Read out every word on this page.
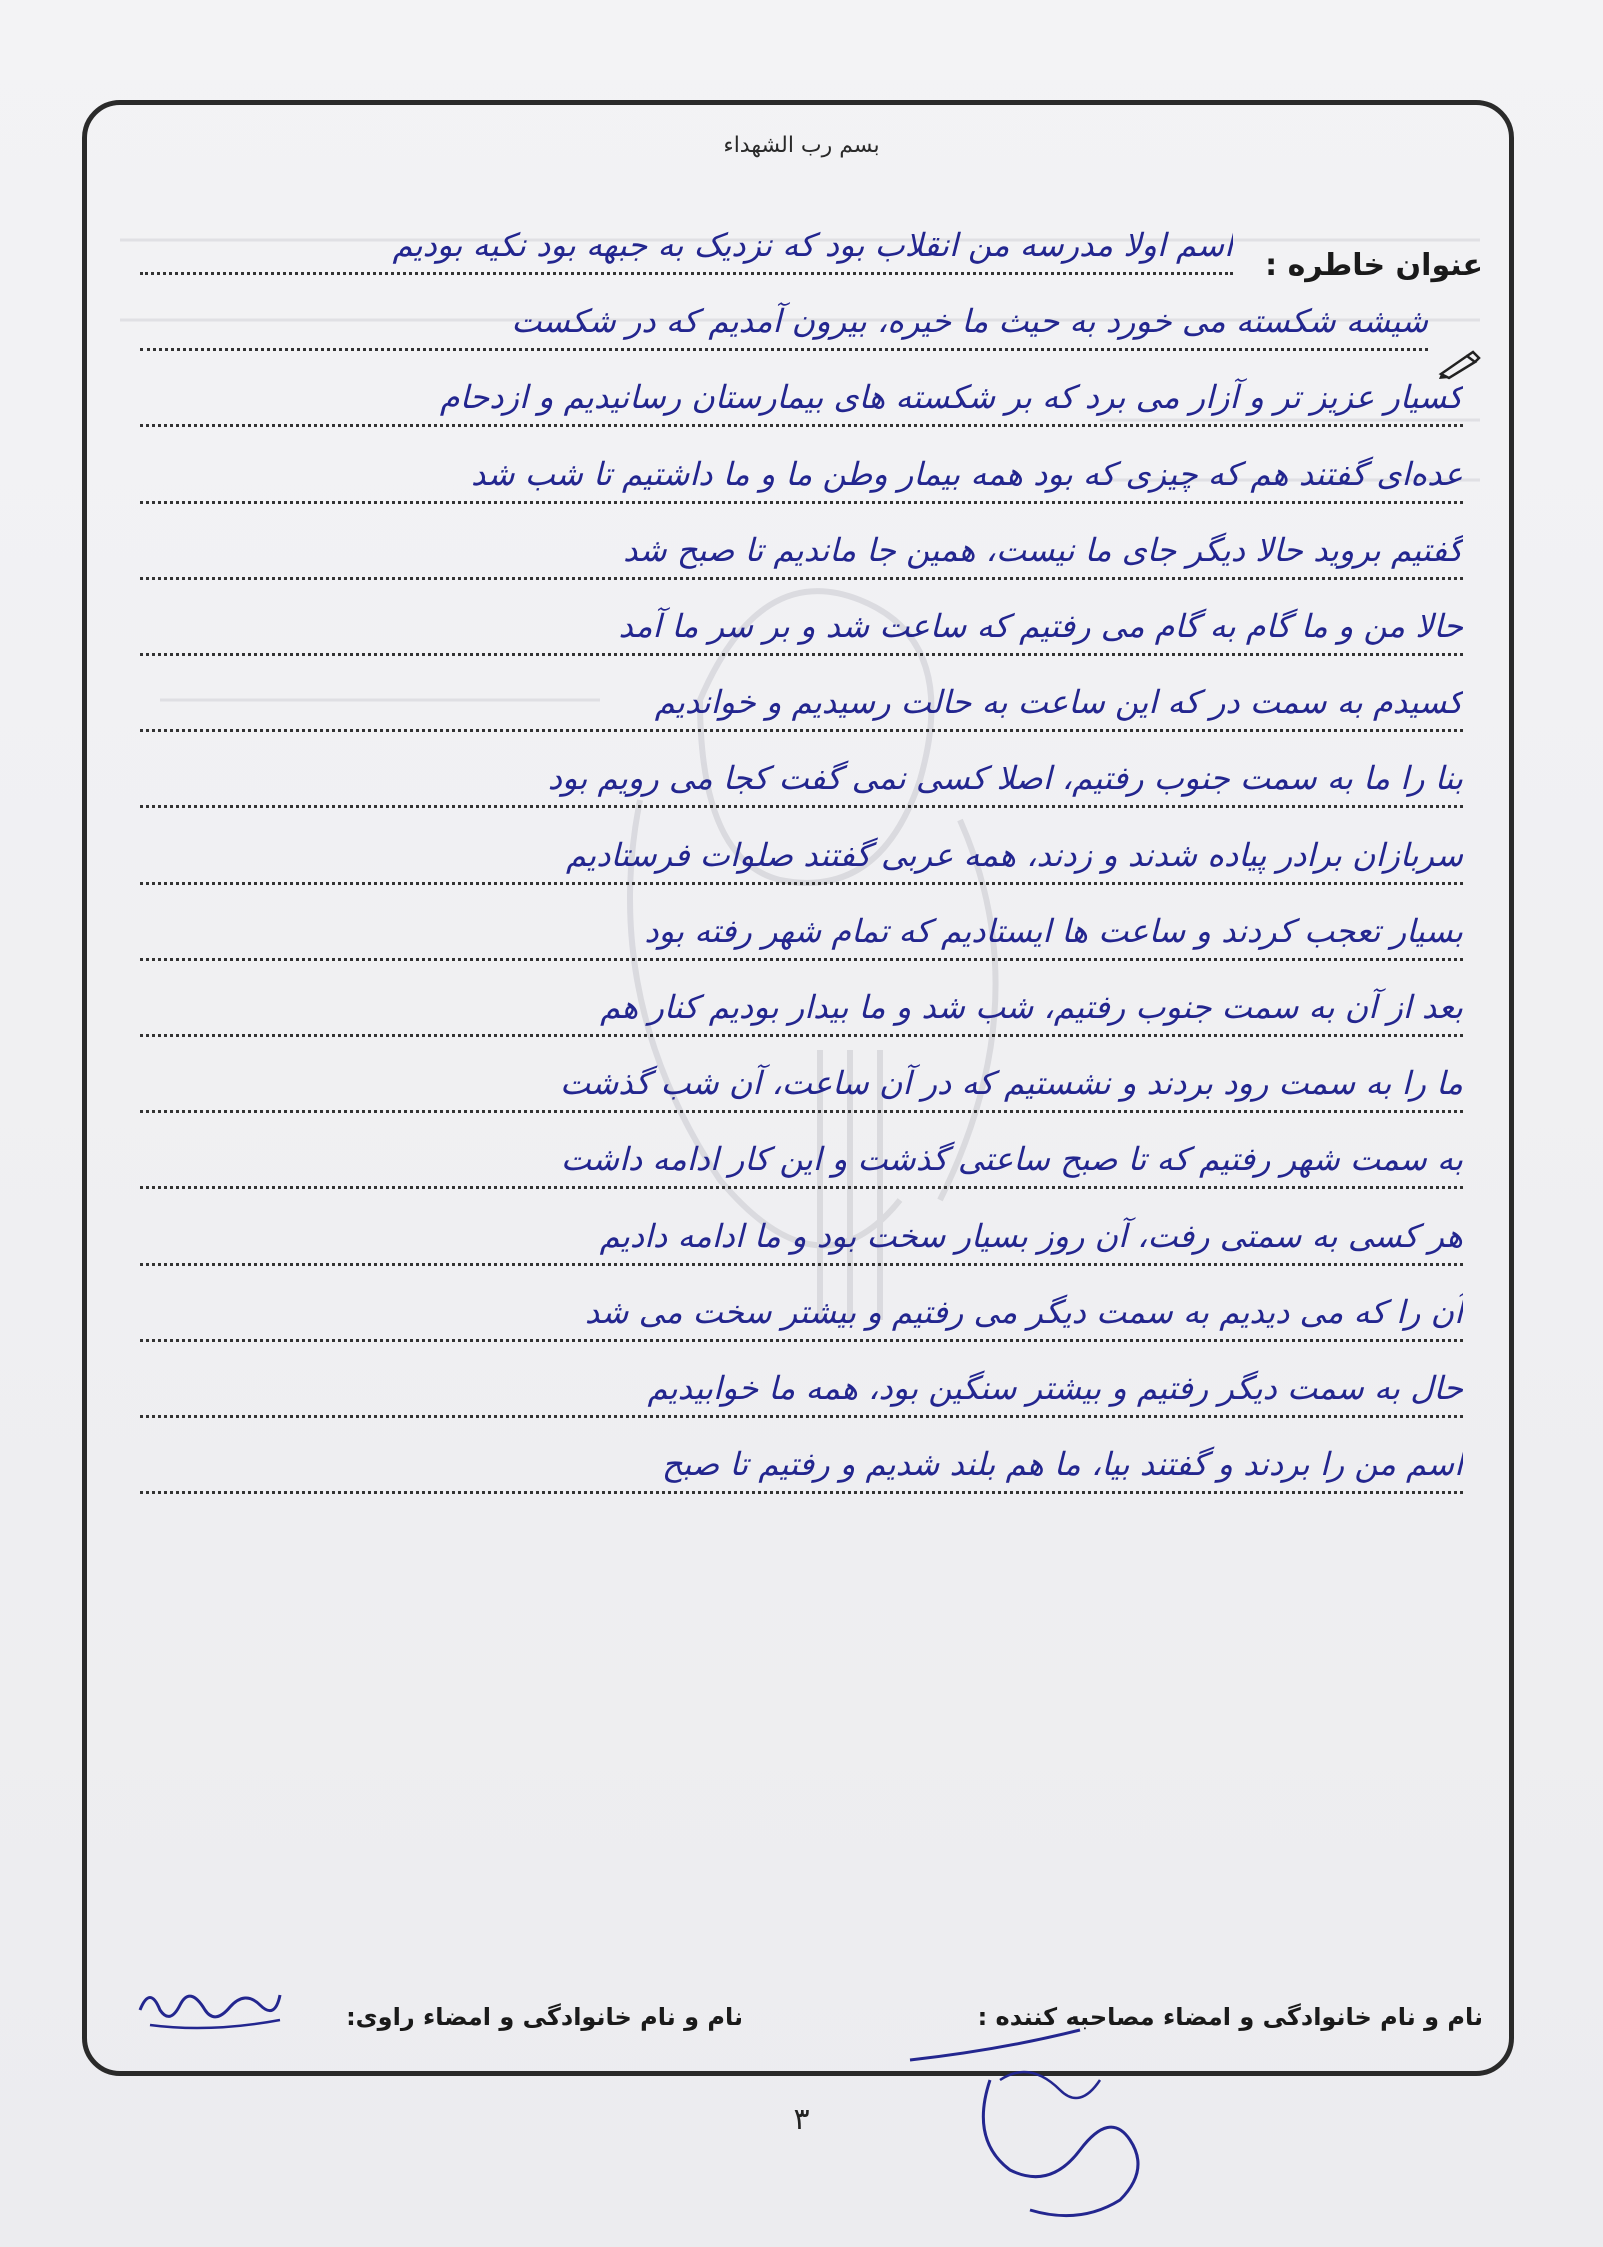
بسم رب الشهداء
عنوان خاطره :
اسم اولا مدرسه من انقلاب بود که نزدیک به جبهه بود نکیه بودیم
شیشه شکسته می خورد به حیث ما خیره، بیرون آمدیم که در شکست
کسیار عزیز تر و آزار می برد که بر شکسته های بیمارستان رسانیدیم و ازدحام
عده‌ای گفتند هم که چیزی که بود همه بیمار وطن ما و ما داشتیم تا شب شد
گفتیم بروید حالا دیگر جای ما نیست، همین جا ماندیم تا صبح شد
حالا من و ما گام به گام می رفتیم که ساعت شد و بر سر ما آمد
کسیدم به سمت در که این ساعت به حالت رسیدیم و خواندیم
بنا را ما به سمت جنوب رفتیم، اصلا کسی نمی گفت کجا می رویم بود
سربازان برادر پیاده شدند و زدند، همه عربی گفتند صلوات فرستادیم
بسیار تعجب کردند و ساعت ها ایستادیم که تمام شهر رفته بود
بعد از آن به سمت جنوب رفتیم، شب شد و ما بیدار بودیم کنار هم
ما را به سمت رود بردند و نشستیم که در آن ساعت، آن شب گذشت
به سمت شهر رفتیم که تا صبح ساعتی گذشت و این کار ادامه داشت
هر کسی به سمتی رفت، آن روز بسیار سخت بود و ما ادامه دادیم
آن را که می دیدیم به سمت دیگر می رفتیم و بیشتر سخت می شد
حال به سمت دیگر رفتیم و بیشتر سنگین بود، همه ما خوابیدیم
اسم من را بردند و گفتند بیا، ما هم بلند شدیم و رفتیم تا صبح
نام و نام خانوادگی و امضاء مصاحبه کننده :
نام و نام خانوادگی و امضاء راوی:
۳
